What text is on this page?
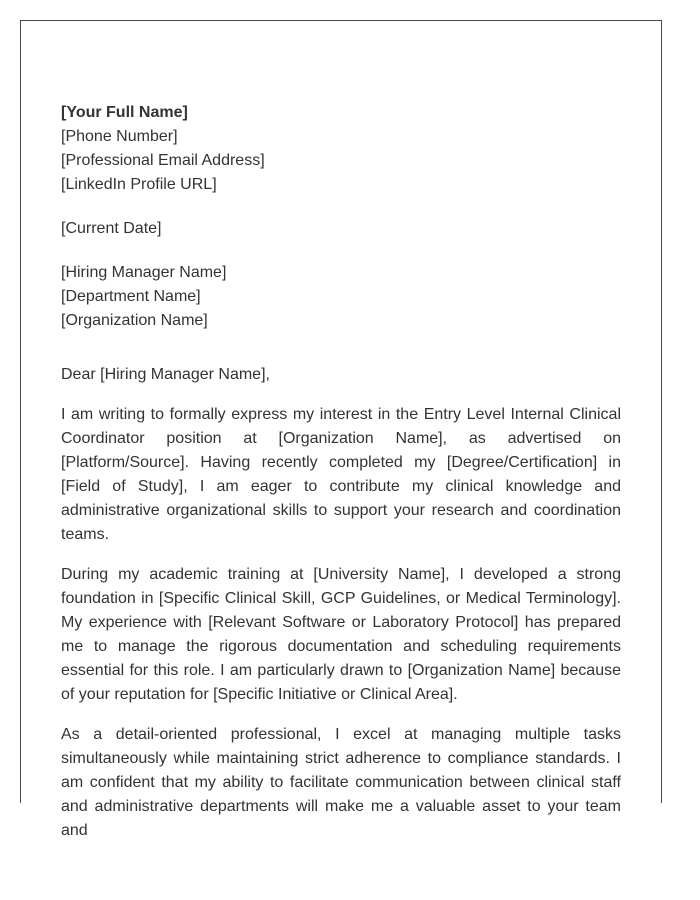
[Your Full Name]
[Phone Number]
[Professional Email Address]
[LinkedIn Profile URL]
[Current Date]
[Hiring Manager Name]
[Department Name]
[Organization Name]
Dear [Hiring Manager Name],

I am writing to formally express my interest in the Entry Level Internal Clinical Coordinator position at [Organization Name], as advertised on [Platform/Source]. Having recently completed my [Degree/Certification] in [Field of Study], I am eager to contribute my clinical knowledge and administrative organizational skills to support your research and coordination teams.

During my academic training at [University Name], I developed a strong foundation in [Specific Clinical Skill, GCP Guidelines, or Medical Terminology]. My experience with [Relevant Software or Laboratory Protocol] has prepared me to manage the rigorous documentation and scheduling requirements essential for this role. I am particularly drawn to [Organization Name] because of your reputation for [Specific Initiative or Clinical Area].

As a detail-oriented professional, I excel at managing multiple tasks simultaneously while maintaining strict adherence to compliance standards. I am confident that my ability to facilitate communication between clinical staff and administrative departments will make me a valuable asset to your team and
